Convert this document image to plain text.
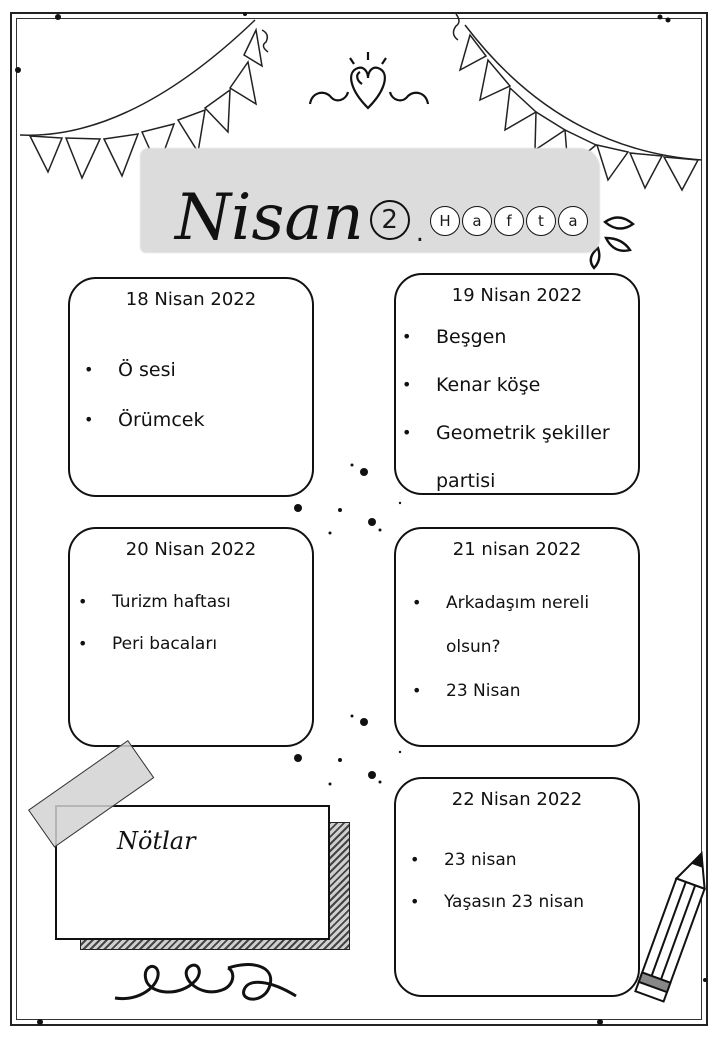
Nisan 2 .	H	a	f	t	a
18 Nisan 2022
• Ö sesi
• Örümcek
19 Nisan 2022
• Beşgen
• Kenar köşe
• Geometrik şekiller
partisi
20 Nisan 2022
• Turizm haftası
• Peri bacaları
21 nisan 2022
• Arkadaşım nereli
olsun?
• 23 Nisan
22 Nisan 2022
• 23 nisan
• Yaşasın 23 nisan
Nötlar
